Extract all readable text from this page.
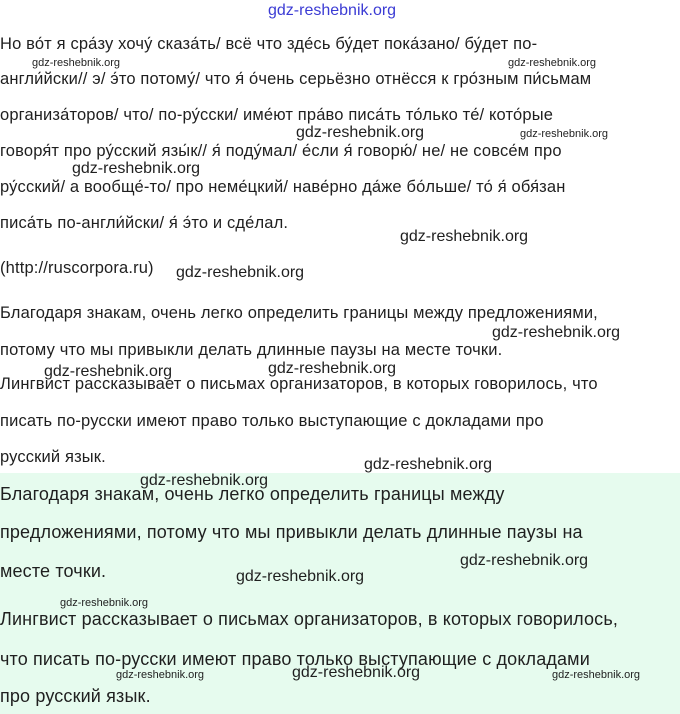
Но во́т я сра́зу хочу́ сказа́ть/ всё что здéсь бу́дет пока́зано/ бу́дет по-

англи́йски// э/ э́то потому́/ что я́ о́чень серьёзно отнёсся к гро́зным пи́сьмам

организа́торов/ что/ по-ру́сски/ име́ют пра́во писа́ть то́лько те́/ кото́рые

говоря́т про ру́сский язы́к// я́ поду́мал/ е́сли я́ говорю́/ не/ не совсе́м про

ру́сский/ а вообще́-то/ про неме́цкий/ наве́рно да́же бо́льше/ то́ я́ обя́зан

писа́ть по-англи́йски/ я́ э́то и сде́лал.

(http://ruscorpora.ru)

Благодаря знакам, очень легко определить границы между предложениями,

потому что мы привыкли делать длинные паузы на месте точки.

Лингвист рассказывает о письмах организаторов, в которых говорилось, что

писать по-русски имеют право только выступающие с докладами про

русский язык.

Благодаря знакам, очень легко определить границы между

предложениями, потому что мы привыкли делать длинные паузы на

месте точки.

Лингвист рассказывает о письмах организаторов, в которых говорилось,

что писать по-русски имеют право только выступающие с докладами

про русский язык.

gdz-reshebnik.org
gdz-reshebnik.org	gdz-reshebnik.org
gdz-reshebnik.org	gdz-reshebnik.org
gdz-reshebnik.org
gdz-reshebnik.org
gdz-reshebnik.org
gdz-reshebnik.org
gdz-reshebnik.org	gdz-reshebnik.org
gdz-reshebnik.org
gdz-reshebnik.org
gdz-reshebnik.org
gdz-reshebnik.org
gdz-reshebnik.org
gdz-reshebnik.org	gdz-reshebnik.org	gdz-reshebnik.org
